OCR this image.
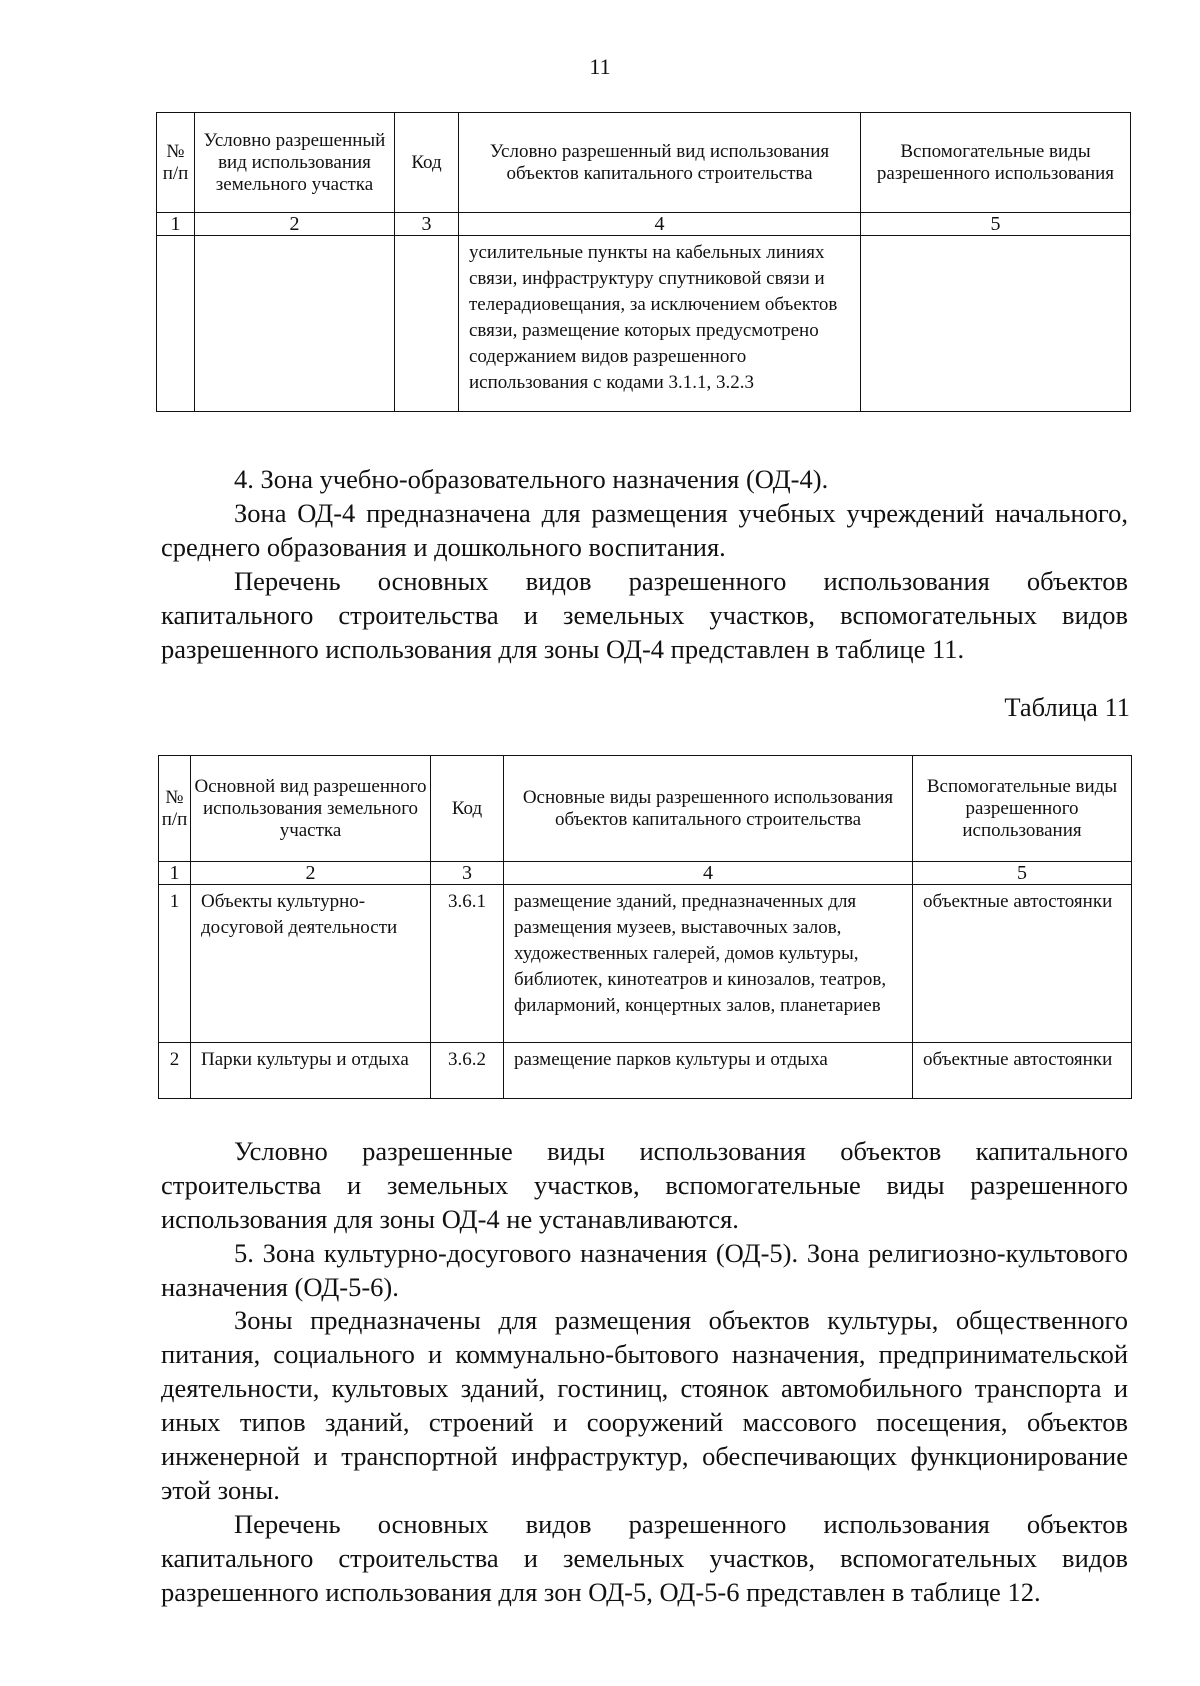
11
№ п/п	Условно разрешенный вид использования земельного участка	Код	Условно разрешенный вид использования объектов капитального строительства	Вспомогательные виды разрешенного использования
1	2	3	4	5
			усилительные пункты на кабельных линиях связи, инфраструктуру спутниковой связи и телерадиовещания, за исключением объектов связи, размещение которых предусмотрено содержанием видов разрешенного использования с кодами 3.1.1, 3.2.3	

4. Зона учебно-образовательного назначения (ОД-4).

Зона ОД-4 предназначена для размещения учебных учреждений начального, среднего образования и дошкольного воспитания.

Перечень основных видов разрешенного использования объектов капитального строительства и земельных участков, вспомогательных видов разрешенного использования для зоны ОД-4 представлен в таблице 11.

Таблица 11
№ п/п	Основной вид разрешенного использования земельного участка	Код	Основные виды разрешенного использования объектов капитального строительства	Вспомогательные виды разрешенного использования
1	2	3	4	5
1	Объекты культурно-досуговой деятельности	3.6.1	размещение зданий, предназначенных для размещения музеев, выставочных залов, художественных галерей, домов культуры, библиотек, кинотеатров и кинозалов, театров, филармоний, концертных залов, планетариев	объектные автостоянки
2	Парки культуры и отдыха	3.6.2	размещение парков культуры и отдыха	объектные автостоянки

Условно разрешенные виды использования объектов капитального строительства и земельных участков, вспомогательные виды разрешенного использования для зоны ОД-4 не устанавливаются.

5. Зона культурно-досугового назначения (ОД-5). Зона религиозно-культового назначения (ОД-5-6).

Зоны предназначены для размещения объектов культуры, общественного питания, социального и коммунально-бытового назначения, предпринимательской деятельности, культовых зданий, гостиниц, стоянок автомобильного транспорта и иных типов зданий, строений и сооружений массового посещения, объектов инженерной и транспортной инфраструктур, обеспечивающих функционирование этой зоны.

Перечень основных видов разрешенного использования объектов капитального строительства и земельных участков, вспомогательных видов разрешенного использования для зон ОД-5, ОД-5-6 представлен в таблице 12.
